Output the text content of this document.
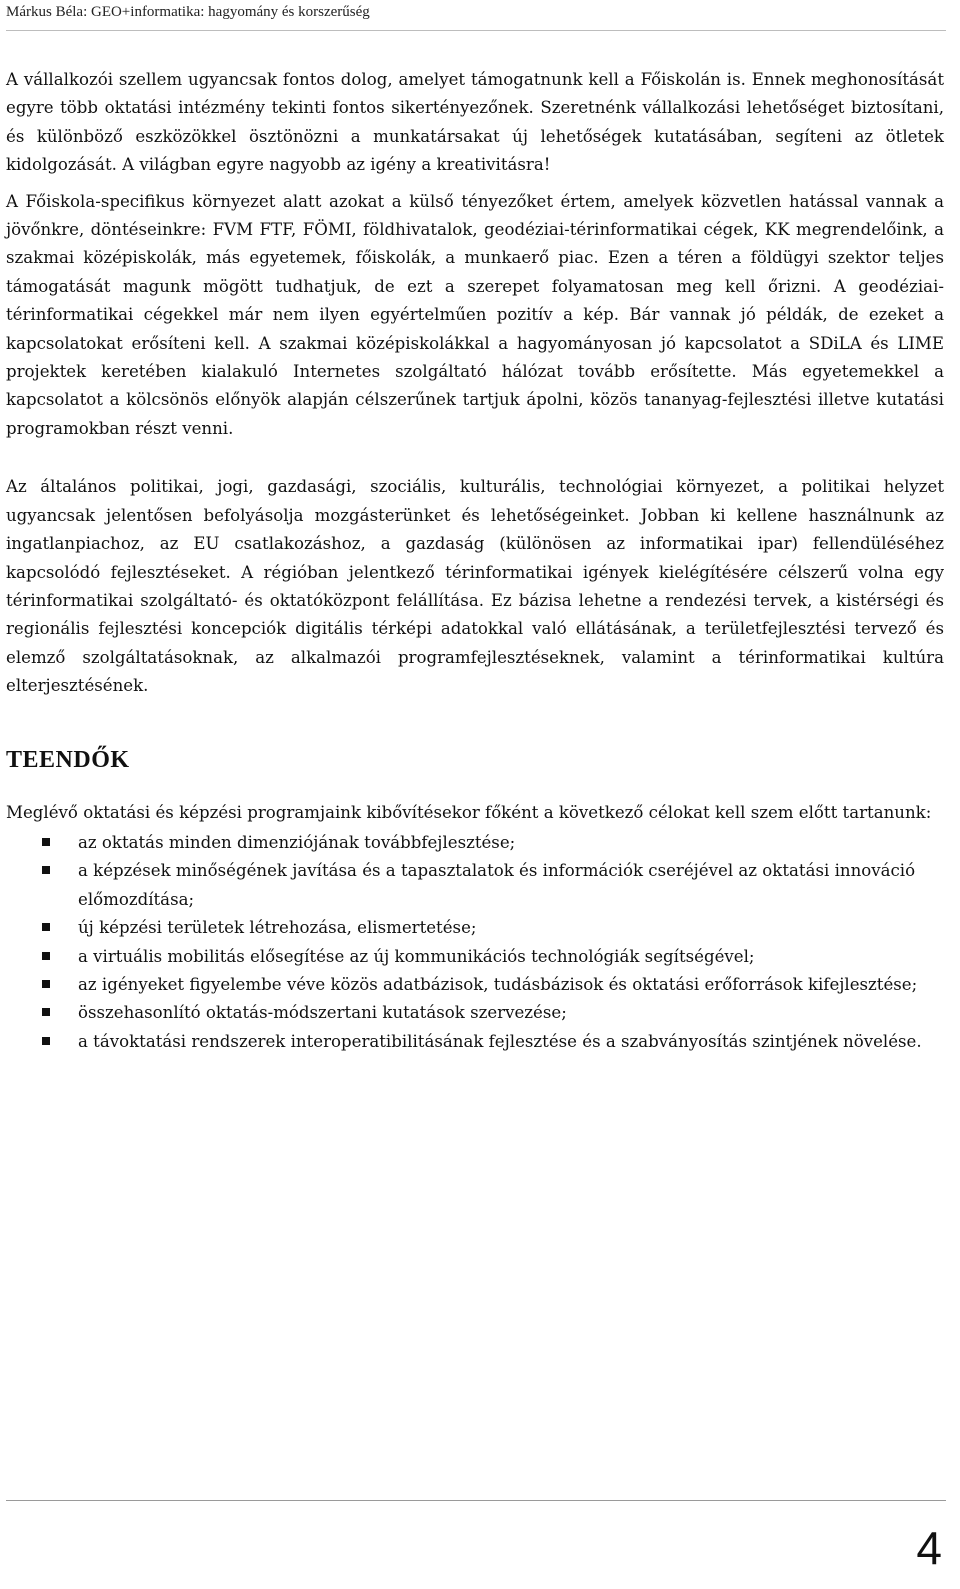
Márkus Béla: GEO+informatika: hagyomány és korszerűség

A vállalkozói szellem ugyancsak fontos dolog, amelyet támogatnunk kell a Főiskolán is. Ennek meghonosítását egyre több oktatási intézmény tekinti fontos sikertényezőnek. Szeretnénk vállalkozási lehetőséget biztosítani, és különböző eszközökkel ösztönözni a munkatársakat új lehetőségek kutatásában, segíteni az ötletek kidolgozását. A világban egyre nagyobb az igény a kreativitásra!

A Főiskola-specifikus környezet alatt azokat a külső tényezőket értem, amelyek közvetlen hatással vannak a jövőnkre, döntéseinkre: FVM FTF, FÖMI, földhivatalok, geodéziai-térinformatikai cégek, KK megrendelőink, a szakmai középiskolák, más egyetemek, főiskolák, a munkaerő piac. Ezen a téren a földügyi szektor teljes támogatását magunk mögött tudhatjuk, de ezt a szerepet folyamatosan meg kell őrizni. A geodéziai-térinformatikai cégekkel már nem ilyen egyértelműen pozitív a kép. Bár vannak jó példák, de ezeket a kapcsolatokat erősíteni kell. A szakmai középiskolákkal a hagyományosan jó kapcsolatot a SDiLA és LIME projektek keretében kialakuló Internetes szolgáltató hálózat tovább erősítette. Más egyetemekkel a kapcsolatot a kölcsönös előnyök alapján célszerűnek tartjuk ápolni, közös tananyag-fejlesztési illetve kutatási programokban részt venni.

Az általános politikai, jogi, gazdasági, szociális, kulturális, technológiai környezet, a politikai helyzet ugyancsak jelentősen befolyásolja mozgásterünket és lehetőségeinket. Jobban ki kellene használnunk az ingatlanpiachoz, az EU csatlakozáshoz, a gazdaság (különösen az informatikai ipar) fellendüléséhez kapcsolódó fejlesztéseket. A régióban jelentkező térinformatikai igények kielégítésére célszerű volna egy térinformatikai szolgáltató- és oktatóközpont felállítása. Ez bázisa lehetne a rendezési tervek, a kistérségi és regionális fejlesztési koncepciók digitális térképi adatokkal való ellátásának, a területfejlesztési tervező és elemző szolgáltatásoknak, az alkalmazói programfejlesztéseknek, valamint a térinformatikai kultúra elterjesztésének.

TEENDŐK

Meglévő oktatási és képzési programjaink kibővítésekor főként a következő célokat kell szem előtt tartanunk:

az oktatás minden dimenziójának továbbfejlesztése;
a képzések minőségének javítása és a tapasztalatok és információk cseréjével az oktatási innováció előmozdítása;
új képzési területek létrehozása, elismertetése;
a virtuális mobilitás elősegítése az új kommunikációs technológiák segítségével;
az igényeket figyelembe véve közös adatbázisok, tudásbázisok és oktatási erőforrások kifejlesztése;
összehasonlító oktatás-módszertani kutatások szervezése;
a távoktatási rendszerek interoperatibilitásának fejlesztése és a szabványosítás szintjének növelése.
4
